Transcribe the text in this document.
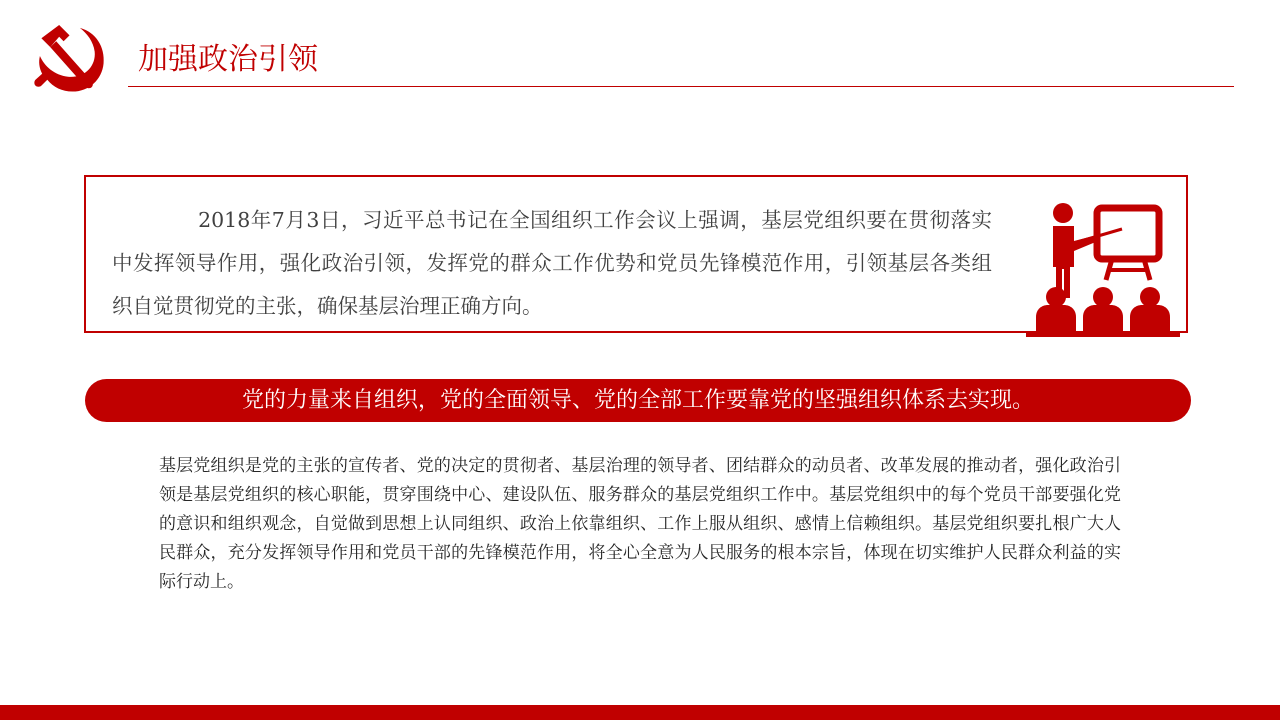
加强政治引领
2018年7月3日，习近平总书记在全国组织工作会议上强调，基层党组织要在贯彻落实中发挥领导作用，强化政治引领，发挥党的群众工作优势和党员先锋模范作用，引领基层各类组织自觉贯彻党的主张，确保基层治理正确方向。
党的力量来自组织，党的全面领导、党的全部工作要靠党的坚强组织体系去实现。
基层党组织是党的主张的宣传者、党的决定的贯彻者、基层治理的领导者、团结群众的动员者、改革发展的推动者，强化政治引领是基层党组织的核心职能，贯穿围绕中心、建设队伍、服务群众的基层党组织工作中。基层党组织中的每个党员干部要强化党的意识和组织观念，自觉做到思想上认同组织、政治上依靠组织、工作上服从组织、感情上信赖组织。基层党组织要扎根广大人民群众，充分发挥领导作用和党员干部的先锋模范作用，将全心全意为人民服务的根本宗旨，体现在切实维护人民群众利益的实际行动上。
